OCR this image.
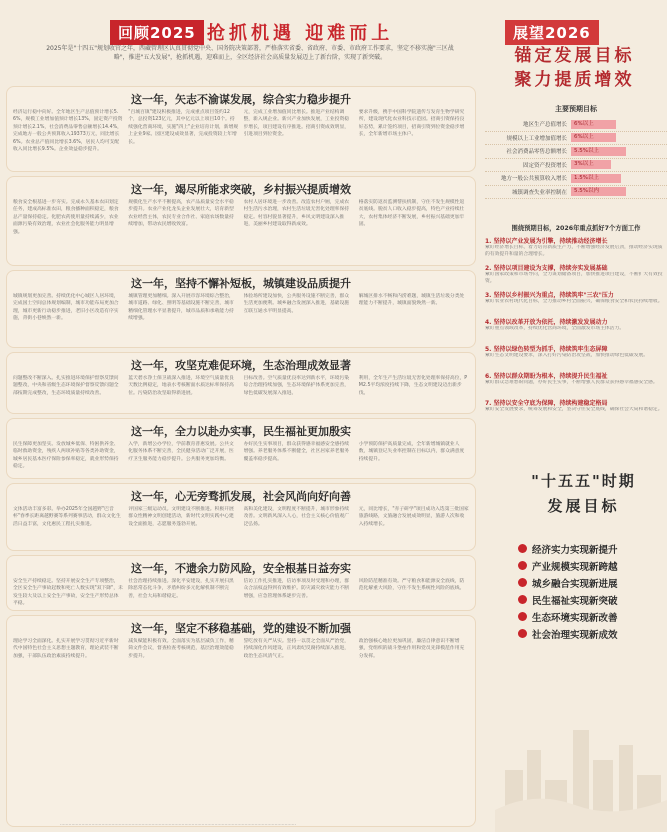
回顾2025 抢抓机遇 迎难而上
2025年是"十四五"规划收官之年，西藏管理区认真贯彻党中央、国务院决策部署，严格落实省委、省政府、市委、市政府工作要求，坚定不移实施"三区战略"，推进"五大发展"，抢抓机遇，迎难而上，全区经济社会高质量发展迈上了新台阶，实现了新突破。
这一年，矢志不渝谋发展，综合实力稳步提升
经济运行稳中向好。全年地区生产总值预计增长5.6%，规模工业增加值预计增长13%，固定资产投资预计增长2.1%，社会消费品零售总额增长14.4%，完成地方一般公共预算收入19373万元，同比增长6%。农业总产值同比增长3.6%，居民人均可支配收入同比增长9.5%。企业效益稳步提升。
"百城百镇"建设积极推进，完成重点项目签约12个，总投资123亿元，其中亿元以上项目10个。持续强化营商环境，实施"四上"企业培育计划，新增规上企业9家。园区建设成效显著，完成投资较上年增长。
元，完成工业增加值同比增长。推进产业结构调整，新入规企业。新兴产业加快发展，工业投资稳步增长，项目建设有序推进。招商引资成效明显，引进项目到位资金。
要求升级，携手中国科学院遗传与发育生物学研究所，建设现代化农业科技示范园。招商引资保持良好态势，累计签约项目，招商引资到位资金稳步增长，全年新增市场主体户。
这一年，竭尽所能求突破，乡村振兴提质增效
粮食安全根基进一步夯实。完成永久基本农田划定任务，建成高标准农田，粮食播种面积稳定，粮食总产量保持稳定。化肥农药使用量持续减少，农业面源污染有效治理，农业社会化服务能力明显增强。
规模化生产水平不断提高，农产品质量安全水平稳步提升。农业产业化龙头企业发展壮大，培育新型农业经营主体，农民专业合作社、家庭农场数量持续增加，带动农民增收致富。
农村人居环境进一步改善。改造农村户厕，完成农村生活污水治理，农村生活垃圾无害化处理率保持稳定。村容村貌显著提升，乡风文明建设深入推进，美丽乡村建设取得新成效。
格落实防返贫监测帮扶机制，守住不发生规模性返贫底线。脱贫人口收入稳步提高，特色产业持续壮大，农村集体经济不断发展，乡村振兴基础更加牢固。
这一年，坚持不懈补短板，城镇建设品质提升
城镇规划更加完善。持续优化中心城区人居环境，完成国土空间总体规划编制，城市功能布局更加合理，城市更新行动稳步推进，老旧小区改造有序实施，背街小巷焕然一新。
城镇管理更加精细。深入开展市容环境综合整治，城市道路、绿化、照明等基础设施不断完善，城市精细化管理水平显著提升，城市品质和承载能力持续增强。
体验场所建设加快，公共服务设施不断完善，群众生活更加便利。城乡融合发展深入推进，基础设施互联互通水平明显提高。
解城区排水不畅和内涝难题，城镇生活垃圾分类处理能力不断提升，城镇面貌焕然一新。
这一年，攻坚克难促环境，生态治理成效显著
问题整改不断深入。扎实推进环境保护督察反馈问题整改，中央和省级生态环境保护督察反馈问题全部按期完成整改，生态环境质量持续改善。
蓝天碧水净土保卫战深入推进，环境空气质量优良天数比例稳定，地表水考核断面水质达标率保持高位。污染防治攻坚取得新进展。
目标改善。空气质量优良率达到新水平，环境污染综合治理持续加强，生态环境保护体系更加完善，绿色低碳发展深入推进。
利用，全年生产生活垃圾无害化处理率保持高位，PM2.5平均浓度持续下降，生态文明建设迈出新步伐。
这一年，全力以赴办实事，民生福祉更加殷实
民生保障更加坚实。发放城乡低保、特困供养金、临时救助资金，残疾人两项补贴等各类补助资金，城乡居民基本医疗保险参保率稳定，就业形势保持稳定。
入学，新增公办学位，学前教育普惠发展。公共文化服务体系不断完善，全民健身活动广泛开展，医疗卫生服务能力稳步提升。公共服务更加均衡。
办好民生实事项目，群众获得感幸福感安全感持续增强。养老服务体系不断健全，社区居家养老服务覆盖率稳步提高。
小学预防保护高质量完成，全年新增城镇就业人数，城镇登记失业率控制在目标以内，群众满意度持续提升。
这一年，心无旁骛抓发展，社会风尚向好向善
文体活动丰富多彩。举办2025年全国越野"巴音杯"春季长距离越野赛等系列赛事活动，群众文化生活日益丰富，文化惠民工程扎实推进。
评国家三级运动员。文明建设不断推进。积极开展群众性精神文明创建活动，新时代文明实践中心建设全面推进，志愿服务蓬勃开展。
高和美化建设，文明程度不断提升，城市形象持续改善。文明新风深入人心，社会主义核心价值观广泛弘扬。
元，同比增长，"赤子研学"项目成功入选第三批国家旅游线路，文旅融合发展成效明显，旅游人次和收入持续增长。
这一年，不遗余力防风险，安全根基日益夯实
安全生产持续稳定。坚持开展安全生产专项整治，全区安全生产事故起数和死亡人数实现"双下降"，未发生较大及以上安全生产事故，安全生产形势总体平稳。
社会治理持续推进。深化平安建设，扎实开展扫黑除恶常态化斗争，矛盾纠纷多元化解机制不断完善，社会大局和谐稳定。
信访工作扎实推进，信访事项及时受理和办理，群众合法权益得到有效维护。防灾减灾救灾能力不断增强，应急管理体系逐步完善。
风险防范精准有效。严守粮食和能源安全底线，防范化解重大风险，守住不发生系统性风险的底线。
这一年，坚定不移稳基础，党的建设不断加强
理论学习全面深化。扎实开展学习贯彻习近平新时代中国特色社会主义思想主题教育，理论武装不断加强，干部队伍政治素质持续提升。
减负赋能积极有效。全面落实为基层减负工作，精简文件会议，督查检查考核规范，基层治理效能稳步提升。
誓吃放有关严从实。坚持一以贯之全面从严治党，持续深化作风建设，正风肃纪反腐持续深入推进，政治生态风清气正。
政治强核心地位更加巩固，廉洁自律意识不断增强，党组织的战斗堡垒作用和党员先锋模范作用充分发挥。
展望2026
锚定发展目标
聚力提质增效
主要预期目标
地区生产总值增长	6%以上
规模以上工业增加值增长	6%以上
社会消费品零售总额增长	5.5%以上
固定资产投资增长	3%以上
地方一般公共预算收入增长	1.5%以上
城镇调查失业率控制在	5.5%以内
围绕预期目标，2026年重点抓好7个方面工作
1. 坚持以产业发展为引擎，持续推动经济增长
紧盯经济增长目标，着力培育新质生产力，不断增强经济发展后劲，推动经济实现质的有效提升和量的合理增长。
2. 坚持以项目建设为支撑，持续夯实发展基础
紧盯国家政策和市场导向，全力谋划储备项目，加快推进项目建设，不断扩大有效投资。
3. 坚持以乡村振兴为重点，持续筑牢"三农"压力
紧盯农业农村现代化目标，全力推动乡村全面振兴，确保粮食安全和农民持续增收。
4. 坚持以改革开放为依托，持续激发发展动力
紧盯重点领域改革，持续优化营商环境，全面激发市场主体活力。
5. 坚持以绿色转型为抓手，持续筑牢生态屏障
紧盯生态文明建设要求，深入打好污染防治攻坚战，加快推动绿色低碳发展。
6. 坚持以群众期盼为根本，持续提升民生福祉
紧盯群众急难愁盼问题，办好民生实事，不断增强人民群众获得感幸福感安全感。
7. 坚持以安全守底为保障，持续构建稳定格局
紧盯安全发展要求，统筹发展和安全，坚决守住安全底线，确保社会大局和谐稳定。
"十五五"时期
发展目标
经济实力实现新提升
产业规模实现新跨越
城乡融合实现新进展
民生福祉实现新突破
生态环境实现新改善
社会治理实现新成效
·····································································································································································
